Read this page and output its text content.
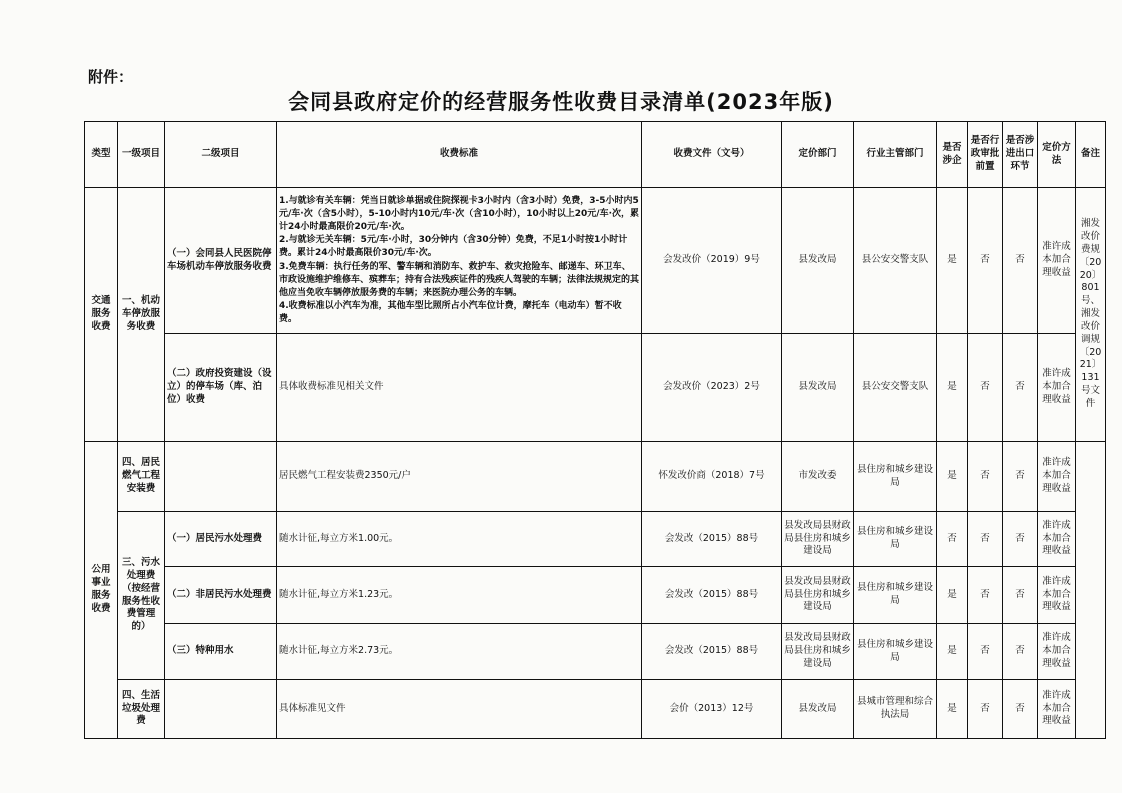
附件：
会同县政府定价的经营服务性收费目录清单(2023年版)
类型	一级项目	二级项目	收费标准	收费文件（文号）	定价部门	行业主管部门	是否涉企	是否行政审批前置	是否涉进出口环节	定价方法	备注
交通服务收费	一、机动车停放服务收费	（一）会同县人民医院停车场机动车停放服务收费	1.与就诊有关车辆：凭当日就诊单据或住院探视卡3小时内（含3小时）免费，3-5小时内5元/车·次（含5小时），5-10小时内10元/车·次（含10小时），10小时以上20元/车·次，累计24小时最高限价20元/车·次。
2.与就诊无关车辆：5元/车·小时，30分钟内（含30分钟）免费，不足1小时按1小时计费。累计24小时最高限价30元/车·次。
3.免费车辆：执行任务的军、警车辆和消防车、救护车、救灾抢险车、邮递车、环卫车、市政设施维护维修车、殡葬车；持有合法残疾证件的残疾人驾驶的车辆；法律法规规定的其他应当免收车辆停放服务费的车辆；来医院办理公务的车辆。
4.收费标准以小汽车为准，其他车型比照所占小汽车位计费，摩托车（电动车）暂不收费。	会发改价（2019）9号	县发改局	县公安交警支队	是	否	否	准许成本加合理收益	湘发改价费规〔2020〕801号、湘发改价调规〔2021〕131号文件
		（二）政府投资建设（设立）的停车场（库、泊位）收费	具体收费标准见相关文件	会发改价（2023）2号	县发改局	县公安交警支队	是	否	否	准许成本加合理收益	
公用事业服务收费	四、居民燃气工程安装费		居民燃气工程安装费2350元/户	怀发改价商（2018）7号	市发改委	县住房和城乡建设局	是	否	否	准许成本加合理收益	
	三、污水处理费（按经营服务性收费管理的）	（一）居民污水处理费	随水计征,每立方米1.00元。	会发改（2015）88号	县发改局县财政局县住房和城乡建设局	县住房和城乡建设局	否	否	否	准许成本加合理收益	
		（二）非居民污水处理费	随水计征,每立方米1.23元。	会发改（2015）88号	县发改局县财政局县住房和城乡建设局	县住房和城乡建设局	是	否	否	准许成本加合理收益	
		（三）特种用水	随水计征,每立方米2.73元。	会发改（2015）88号	县发改局县财政局县住房和城乡建设局	县住房和城乡建设局	是	否	否	准许成本加合理收益	
	四、生活垃圾处理费		具体标准见文件	会价（2013）12号	县发改局	县城市管理和综合执法局	是	否	否	准许成本加合理收益	
